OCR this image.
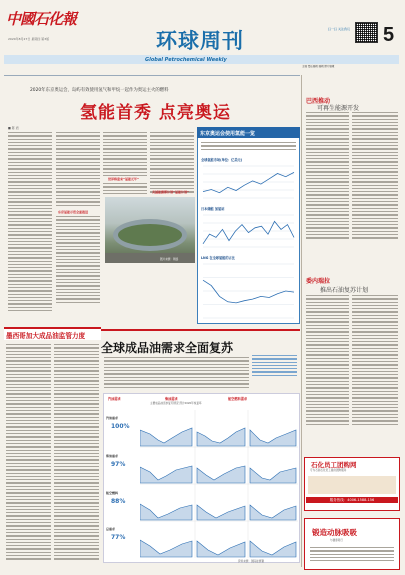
中國石化報
2020年8月27日 星期四 第3版	环球周刊	扫一扫 关注我们 5
Global Petrochemical Weekly
主编 责任编辑 编辑 照片编辑
2020年东京奥运会，岛屿有效使用氢气和甲烷一起作为奥运主火的燃料
氢能首秀 点亮奥运
■ 陈 君
东京氢能示范全面推进
世界将迎来“氢能元年”
美国能源部计划“氢能计划”
图片来源：网络
东京奥运会使用氢能一览
全球氢能市场(单位：亿美元)
日本储能 加氢站
LNG 在全球氢能的占比
墨西哥加大成品油监管力度
全球成品油需求全面复苏
汽油需求	柴油需求	航空燃料需求
主要成品油需求复苏情况 预计2020年恢复率
汽油需求
100%
柴油需求
97%
航空燃料
88%
总需求
77%
资料来源：国际能源署
巴西推动
可再生能源开发
委内瑞拉
推出石油复苏计划
石化员工团购网
专为石油石化员工提供团购服务
服务热线：4006-1588-156
锻造动脉吸吸
与健康同行
